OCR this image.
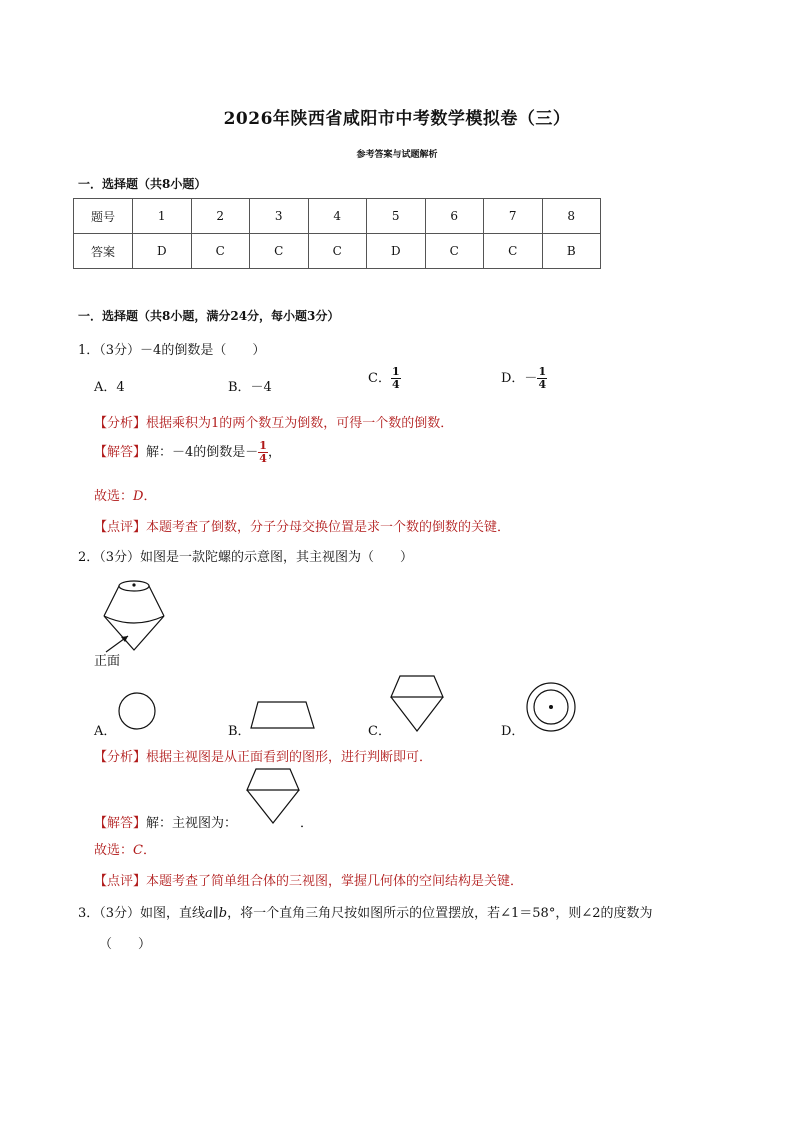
2026年陕西省咸阳市中考数学模拟卷（三）
参考答案与试题解析
一．选择题（共8小题）
题号	1	2	3	4	5	6	7	8
答案	D	C	C	C	D	C	C	B
一．选择题（共8小题，满分24分，每小题3分）
1．（3分）－4的倒数是（　　）
A．4	B．－4
C． $\frac{1}{4}$	D．－ $\frac{1}{4}$
【分析】根据乘积为1的两个数互为倒数，可得一个数的倒数．
【解答】解：－4的倒数是－ $\frac{1}{4}$ ，
故选：D．
【点评】本题考查了倒数，分子分母交换位置是求一个数的倒数的关键．
2．（3分）如图是一款陀螺的示意图，其主视图为（　　）
正面
A．	B．	C．	D．
【分析】根据主视图是从正面看到的图形，进行判断即可．
【解答】解：主视图为：	．
故选：C．
【点评】本题考查了简单组合体的三视图，掌握几何体的空间结构是关键．
3．（3分）如图，直线a∥b，将一个直角三角尺按如图所示的位置摆放，若∠1＝58°，则∠2的度数为
（　　）
